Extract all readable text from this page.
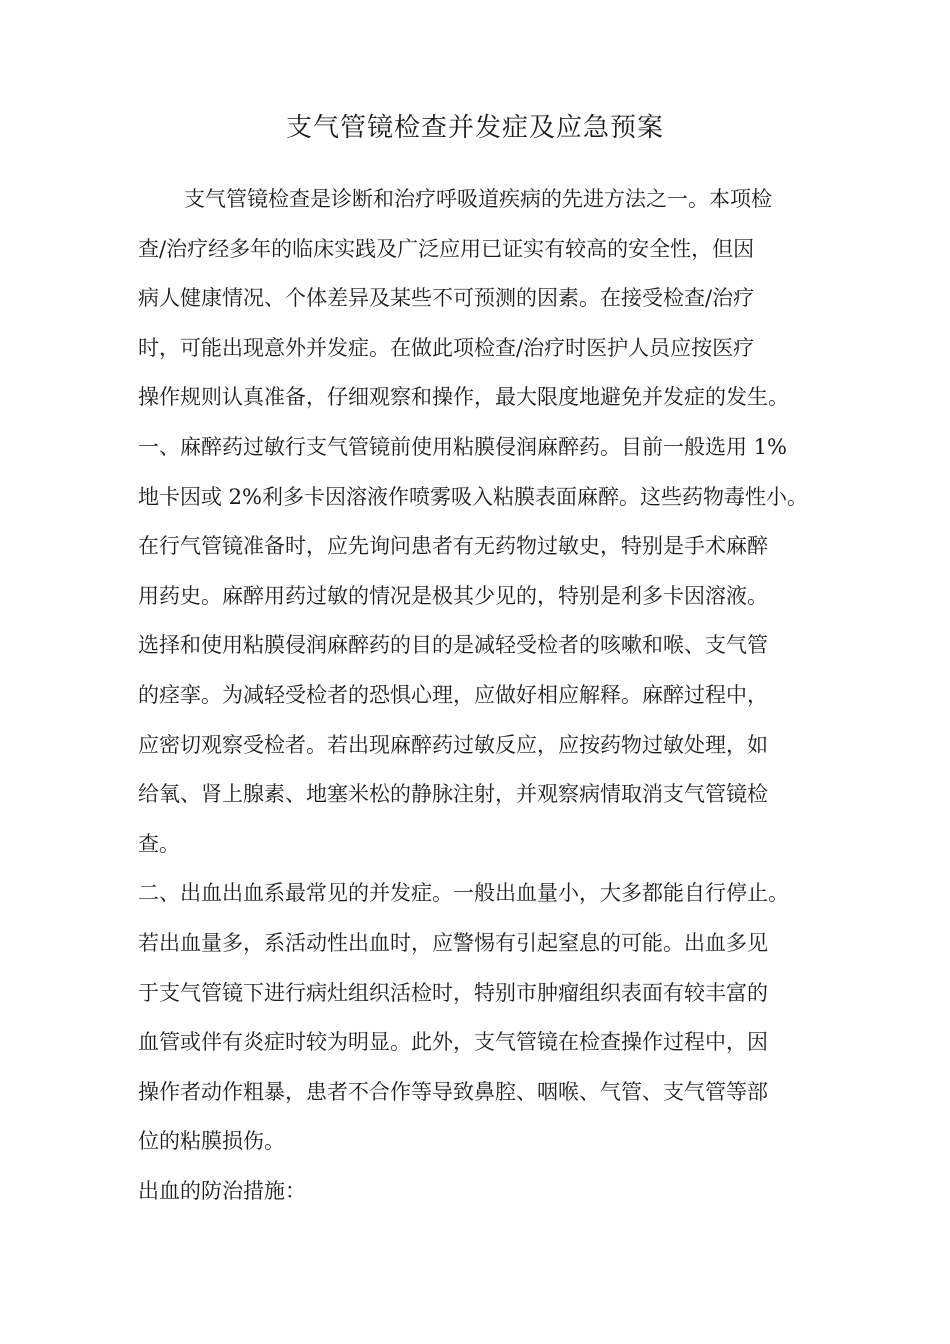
支气管镜检查并发症及应急预案
支气管镜检查是诊断和治疗呼吸道疾病的先进方法之一。本项检
查/治疗经多年的临床实践及广泛应用已证实有较高的安全性，但因
病人健康情况、个体差异及某些不可预测的因素。在接受检查/治疗
时，可能出现意外并发症。在做此项检查/治疗时医护人员应按医疗
操作规则认真准备，仔细观察和操作，最大限度地避免并发症的发生。
一、麻醉药过敏行支气管镜前使用粘膜侵润麻醉药。目前一般选用 1%
地卡因或 2%利多卡因溶液作喷雾吸入粘膜表面麻醉。这些药物毒性小。
在行气管镜准备时，应先询问患者有无药物过敏史，特别是手术麻醉
用药史。麻醉用药过敏的情况是极其少见的，特别是利多卡因溶液。
选择和使用粘膜侵润麻醉药的目的是减轻受检者的咳嗽和喉、支气管
的痉挛。为减轻受检者的恐惧心理，应做好相应解释。麻醉过程中，
应密切观察受检者。若出现麻醉药过敏反应，应按药物过敏处理，如
给氧、肾上腺素、地塞米松的静脉注射，并观察病情取消支气管镜检
查。
二、出血出血系最常见的并发症。一般出血量小，大多都能自行停止。
若出血量多，系活动性出血时，应警惕有引起窒息的可能。出血多见
于支气管镜下进行病灶组织活检时，特别市肿瘤组织表面有较丰富的
血管或伴有炎症时较为明显。此外，支气管镜在检查操作过程中，因
操作者动作粗暴，患者不合作等导致鼻腔、咽喉、气管、支气管等部
位的粘膜损伤。
出血的防治措施：
